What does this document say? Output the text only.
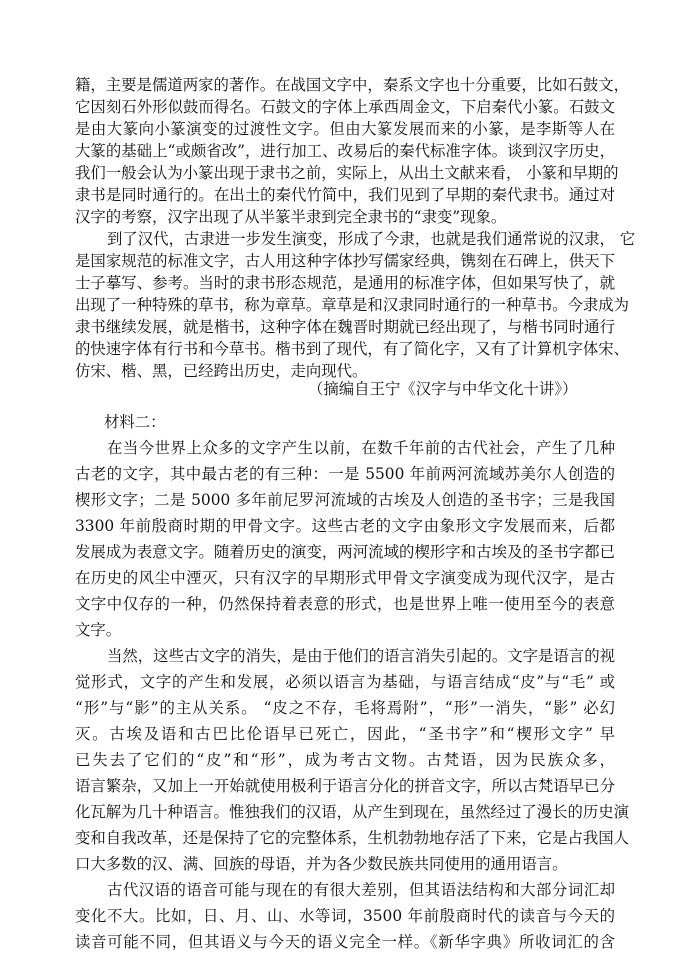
籍，主要是儒道两家的著作。在战国文字中，秦系文字也十分重要，比如石鼓文，
它因刻石外形似鼓而得名。石鼓文的字体上承西周金文，下启秦代小篆。石鼓文
是由大篆向小篆演变的过渡性文字。但由大篆发展而来的小篆，是李斯等人在
大篆的基础上“或颇省改”，进行加工、改易后的秦代标准字体。谈到汉字历史，
我们一般会认为小篆出现于隶书之前，实际上，从出土文献来看， 小篆和早期的
隶书是同时通行的。在出土的秦代竹简中，我们见到了早期的秦代隶书。通过对
汉字的考察，汉字出现了从半篆半隶到完全隶书的“隶变”现象。
到了汉代，古隶进一步发生演变，形成了今隶，也就是我们通常说的汉隶， 它
是国家规范的标准文字，古人用这种字体抄写儒家经典，镌刻在石碑上，供天下
士子摹写、参考。当时的隶书形态规范，是通用的标准字体，但如果写快了，就
出现了一种特殊的草书，称为章草。章草是和汉隶同时通行的一种草书。今隶成为
（摘编自王宁《汉字与中华文化十讲》）
材料二：
在当今世界上众多的文字产生以前，在数千年前的古代社会，产生了几种
古老的文字，其中最古老的有三种：一是 5500 年前两河流域苏美尔人创造的
楔形文字；二是 5000 多年前尼罗河流域的古埃及人创造的圣书字；三是我国
3300 年前殷商时期的甲骨文字。这些古老的文字由象形文字发展而来，后都
发展成为表意文字。随着历史的演变，两河流域的楔形字和古埃及的圣书字都已
在历史的风尘中湮灭，只有汉字的早期形式甲骨文字演变成为现代汉字，是古
文字中仅存的一种，仍然保持着表意的形式，也是世界上唯一使用至今的表意
文字。
当然，这些古文字的消失，是由于他们的语言消失引起的。文字是语言的视
觉形式，文字的产生和发展，必须以语言为基础，与语言结成“皮”与“毛” 或
“形”与“影”的主从关系。 “皮之不存，毛将焉附”，“形”一消失，“影” 必幻
灭。古埃及语和古巴比伦语早已死亡，因此，“圣书字”和“楔形文字” 早
已失去了它们的“皮”和“形”，成为考古文物。古梵语，因为民族众多，
语言繁杂，又加上一开始就使用极利于语言分化的拼音文字，所以古梵语早已分
化瓦解为几十种语言。惟独我们的汉语，从产生到现在，虽然经过了漫长的历史演
变和自我改革，还是保持了它的完整体系，生机勃勃地存活了下来，它是占我国人
口大多数的汉、满、回族的母语，并为各少数民族共同使用的通用语言。
古代汉语的语音可能与现在的有很大差别，但其语法结构和大部分词汇却
变化不大。比如，日、月、山、水等词，3500 年前殷商时代的读音与今天的
读音可能不同，但其语义与今天的语义完全一样。《新华字典》所收词汇的含
隶书继续发展，就是楷书，这种字体在魏晋时期就已经出现了，与楷书同时通行
的快速字体有行书和今草书。楷书到了现代，有了简化字，又有了计算机字体宋、
仿宋、楷、黑，已经跨出历史，走向现代。
